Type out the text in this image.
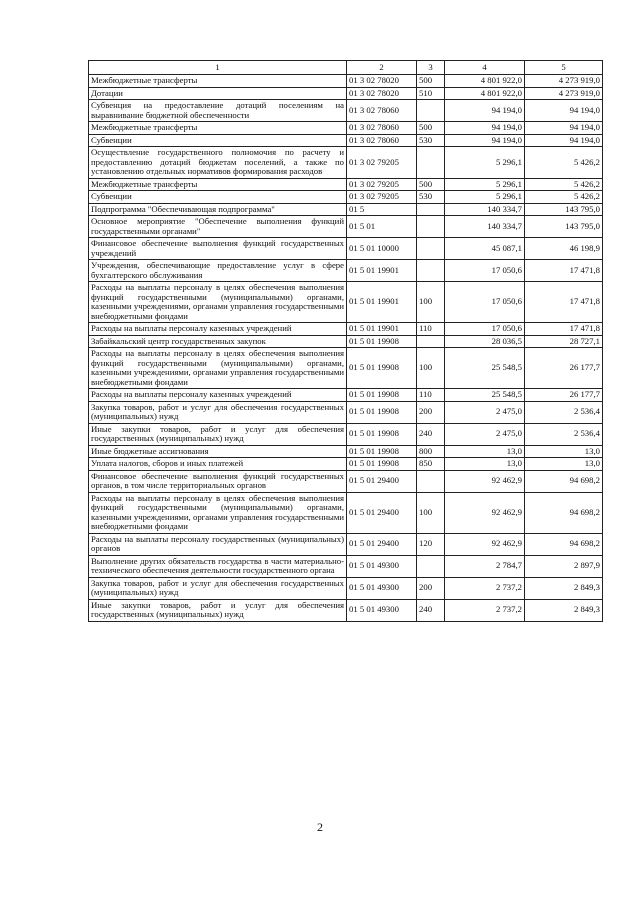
1	2	3	4	5
Межбюджетные трансферты	01 3 02 78020	500	4 801 922,0	4 273 919,0
Дотации	01 3 02 78020	510	4 801 922,0	4 273 919,0
Субвенция на предоставление дотаций поселениям на выравнивание бюджетной обеспеченности	01 3 02 78060		94 194,0	94 194,0
Межбюджетные трансферты	01 3 02 78060	500	94 194,0	94 194,0
Субвенции	01 3 02 78060	530	94 194,0	94 194,0
Осуществление государственного полномочия по расчету и предоставлению дотаций бюджетам поселений, а также по установлению отдельных нормативов формирования расходов	01 3 02 79205		5 296,1	5 426,2
Межбюджетные трансферты	01 3 02 79205	500	5 296,1	5 426,2
Субвенции	01 3 02 79205	530	5 296,1	5 426,2
Подпрограмма "Обеспечивающая подпрограмма"	01 5		140 334,7	143 795,0
Основное мероприятие "Обеспечение выполнения функций государственными органами"	01 5 01		140 334,7	143 795,0
Финансовое обеспечение выполнения функций государственных учреждений	01 5 01 10000		45 087,1	46 198,9
Учреждения, обеспечивающие предоставление услуг в сфере бухгалтерского обслуживания	01 5 01 19901		17 050,6	17 471,8
Расходы на выплаты персоналу в целях обеспечения выполнения функций государственными (муниципальными) органами, казенными учреждениями, органами управления государственными внебюджетными фондами	01 5 01 19901	100	17 050,6	17 471,8
Расходы на выплаты персоналу казенных учреждений	01 5 01 19901	110	17 050,6	17 471,8
Забайкальский центр государственных закупок	01 5 01 19908		28 036,5	28 727,1
Расходы на выплаты персоналу в целях обеспечения выполнения функций государственными (муниципальными) органами, казенными учреждениями, органами управления государственными внебюджетными фондами	01 5 01 19908	100	25 548,5	26 177,7
Расходы на выплаты персоналу казенных учреждений	01 5 01 19908	110	25 548,5	26 177,7
Закупка товаров, работ и услуг для обеспечения государственных (муниципальных) нужд	01 5 01 19908	200	2 475,0	2 536,4
Иные закупки товаров, работ и услуг для обеспечения государственных (муниципальных) нужд	01 5 01 19908	240	2 475,0	2 536,4
Иные бюджетные ассигнования	01 5 01 19908	800	13,0	13,0
Уплата налогов, сборов и иных платежей	01 5 01 19908	850	13,0	13,0
Финансовое обеспечение выполнения функций государственных органов, в том числе территориальных органов	01 5 01 29400		92 462,9	94 698,2
Расходы на выплаты персоналу в целях обеспечения выполнения функций государственными (муниципальными) органами, казенными учреждениями, органами управления государственными внебюджетными фондами	01 5 01 29400	100	92 462,9	94 698,2
Расходы на выплаты персоналу государственных (муниципальных) органов	01 5 01 29400	120	92 462,9	94 698,2
Выполнение других обязательств государства в части материально-технического обеспечения деятельности государственного органа	01 5 01 49300		2 784,7	2 897,9
Закупка товаров, работ и услуг для обеспечения государственных (муниципальных) нужд	01 5 01 49300	200	2 737,2	2 849,3
Иные закупки товаров, работ и услуг для обеспечения государственных (муниципальных) нужд	01 5 01 49300	240	2 737,2	2 849,3
2
